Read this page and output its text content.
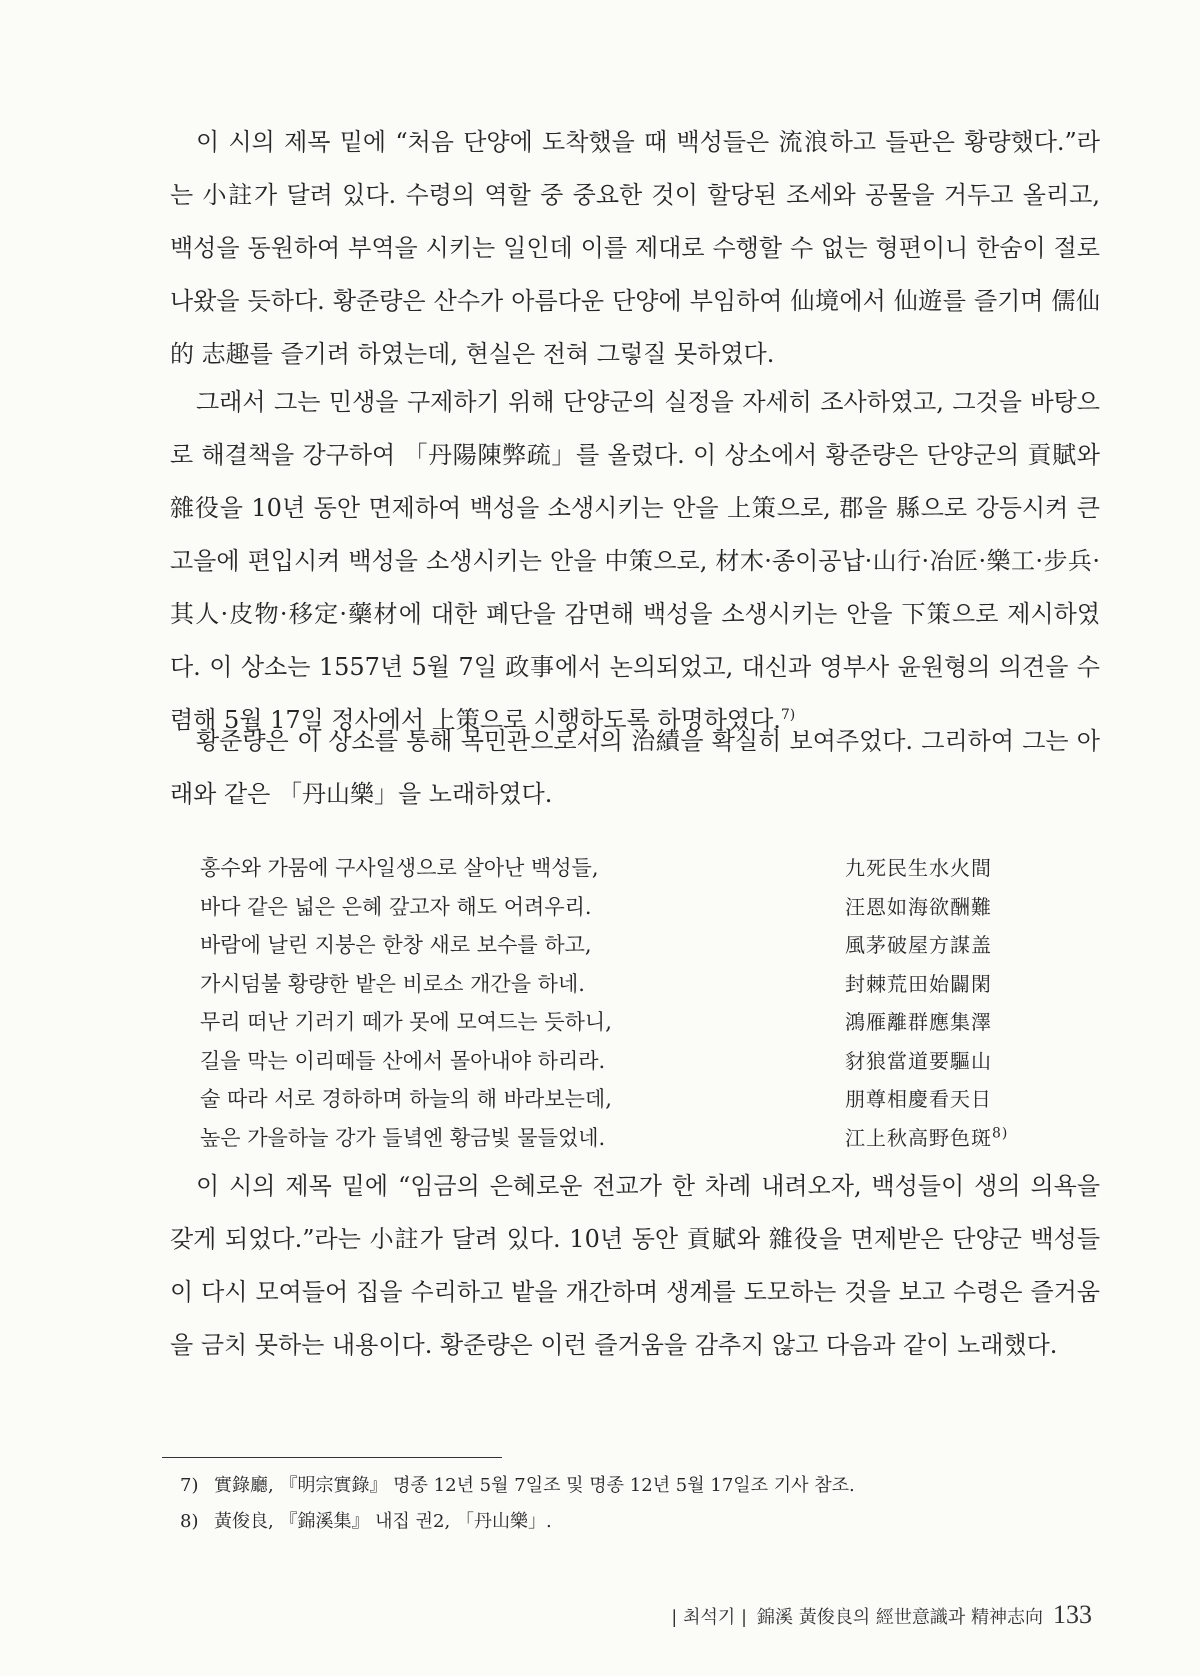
이 시의 제목 밑에 “처음 단양에 도착했을 때 백성들은 流浪하고 들판은 황량했다.”라는 小註가 달려 있다. 수령의 역할 중 중요한 것이 할당된 조세와 공물을 거두고 올리고, 백성을 동원하여 부역을 시키는 일인데 이를 제대로 수행할 수 없는 형편이니 한숨이 절로 나왔을 듯하다. 황준량은 산수가 아름다운 단양에 부임하여 仙境에서 仙遊를 즐기며 儒仙的 志趣를 즐기려 하였는데, 현실은 전혀 그렇질 못하였다.

그래서 그는 민생을 구제하기 위해 단양군의 실정을 자세히 조사하였고, 그것을 바탕으로 해결책을 강구하여 「丹陽陳弊疏」를 올렸다. 이 상소에서 황준량은 단양군의 貢賦와 雜役을 10년 동안 면제하여 백성을 소생시키는 안을 上策으로, 郡을 縣으로 강등시켜 큰 고을에 편입시켜 백성을 소생시키는 안을 中策으로, 材木·종이공납·山行·冶匠·樂工·步兵·其人·皮物·移定·藥材에 대한 폐단을 감면해 백성을 소생시키는 안을 下策으로 제시하였다. 이 상소는 1557년 5월 7일 政事에서 논의되었고, 대신과 영부사 윤원형의 의견을 수렴해 5월 17일 정사에서 上策으로 시행하도록 하명하였다.$^{7)}$

황준량은 이 상소를 통해 목민관으로서의 治績을 확실히 보여주었다. 그리하여 그는 아래와 같은 「丹山樂」을 노래하였다.

홍수와 가뭄에 구사일생으로 살아난 백성들,	九死民生水火間
바다 같은 넓은 은혜 갚고자 해도 어려우리.	汪恩如海欲酬難
바람에 날린 지붕은 한창 새로 보수를 하고,	風茅破屋方謀盖
가시덤불 황량한 밭은 비로소 개간을 하네.	封棘荒田始闢閑
무리 떠난 기러기 떼가 못에 모여드는 듯하니,	鴻雁離群應集澤
길을 막는 이리떼들 산에서 몰아내야 하리라.	豺狼當道要驅山
술 따라 서로 경하하며 하늘의 해 바라보는데,	朋尊相慶看天日
높은 가을하늘 강가 들녘엔 황금빛 물들었네.	江上秋高野色斑$^{8)}$

이 시의 제목 밑에 “임금의 은혜로운 전교가 한 차례 내려오자, 백성들이 생의 의욕을 갖게 되었다.”라는 小註가 달려 있다. 10년 동안 貢賦와 雜役을 면제받은 단양군 백성들이 다시 모여들어 집을 수리하고 밭을 개간하며 생계를 도모하는 것을 보고 수령은 즐거움을 금치 못하는 내용이다. 황준량은 이런 즐거움을 감추지 않고 다음과 같이 노래했다.

7) 實錄廳, 『明宗實錄』 명종 12년 5월 7일조 및 명종 12년 5월 17일조 기사 참조.
8) 黃俊良, 『錦溪集』 내집 권2, 「丹山樂」.
| 최석기 | 錦溪 黃俊良의 經世意識과 精神志向 133
